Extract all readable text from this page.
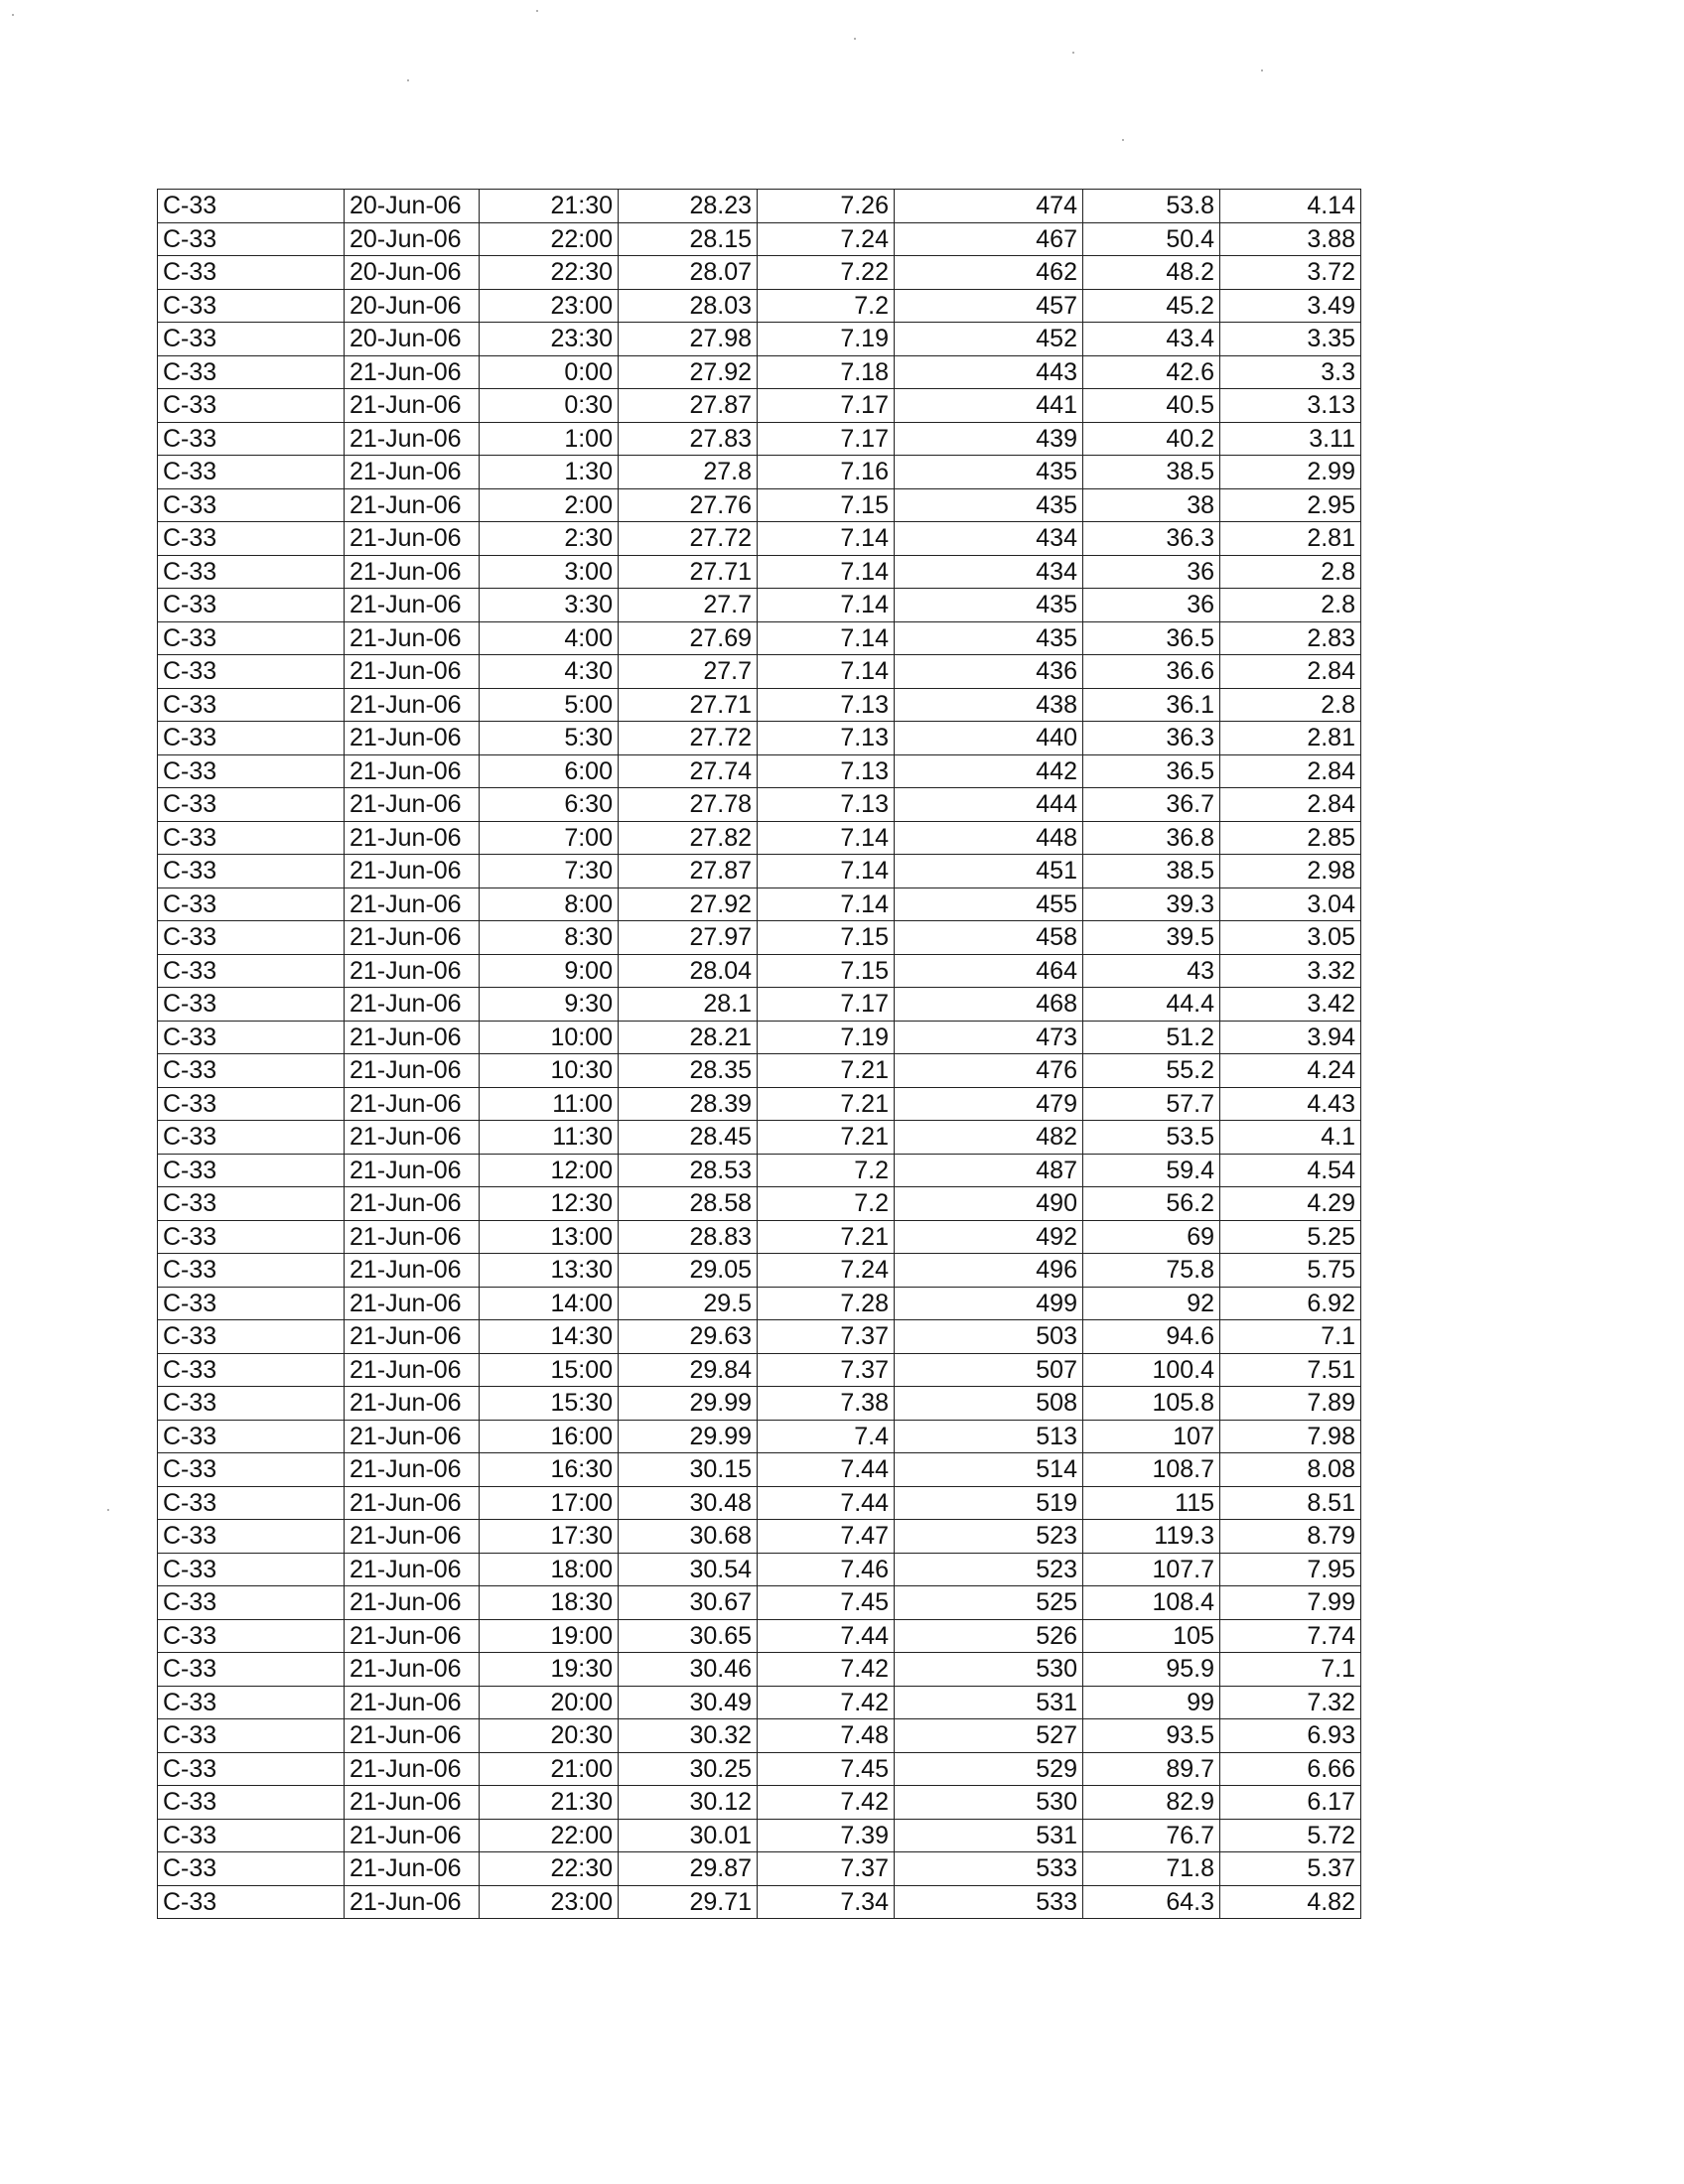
C-33	20-Jun-06	21:30	28.23	7.26	474	53.8	4.14
C-33	20-Jun-06	22:00	28.15	7.24	467	50.4	3.88
C-33	20-Jun-06	22:30	28.07	7.22	462	48.2	3.72
C-33	20-Jun-06	23:00	28.03	7.2	457	45.2	3.49
C-33	20-Jun-06	23:30	27.98	7.19	452	43.4	3.35
C-33	21-Jun-06	0:00	27.92	7.18	443	42.6	3.3
C-33	21-Jun-06	0:30	27.87	7.17	441	40.5	3.13
C-33	21-Jun-06	1:00	27.83	7.17	439	40.2	3.11
C-33	21-Jun-06	1:30	27.8	7.16	435	38.5	2.99
C-33	21-Jun-06	2:00	27.76	7.15	435	38	2.95
C-33	21-Jun-06	2:30	27.72	7.14	434	36.3	2.81
C-33	21-Jun-06	3:00	27.71	7.14	434	36	2.8
C-33	21-Jun-06	3:30	27.7	7.14	435	36	2.8
C-33	21-Jun-06	4:00	27.69	7.14	435	36.5	2.83
C-33	21-Jun-06	4:30	27.7	7.14	436	36.6	2.84
C-33	21-Jun-06	5:00	27.71	7.13	438	36.1	2.8
C-33	21-Jun-06	5:30	27.72	7.13	440	36.3	2.81
C-33	21-Jun-06	6:00	27.74	7.13	442	36.5	2.84
C-33	21-Jun-06	6:30	27.78	7.13	444	36.7	2.84
C-33	21-Jun-06	7:00	27.82	7.14	448	36.8	2.85
C-33	21-Jun-06	7:30	27.87	7.14	451	38.5	2.98
C-33	21-Jun-06	8:00	27.92	7.14	455	39.3	3.04
C-33	21-Jun-06	8:30	27.97	7.15	458	39.5	3.05
C-33	21-Jun-06	9:00	28.04	7.15	464	43	3.32
C-33	21-Jun-06	9:30	28.1	7.17	468	44.4	3.42
C-33	21-Jun-06	10:00	28.21	7.19	473	51.2	3.94
C-33	21-Jun-06	10:30	28.35	7.21	476	55.2	4.24
C-33	21-Jun-06	11:00	28.39	7.21	479	57.7	4.43
C-33	21-Jun-06	11:30	28.45	7.21	482	53.5	4.1
C-33	21-Jun-06	12:00	28.53	7.2	487	59.4	4.54
C-33	21-Jun-06	12:30	28.58	7.2	490	56.2	4.29
C-33	21-Jun-06	13:00	28.83	7.21	492	69	5.25
C-33	21-Jun-06	13:30	29.05	7.24	496	75.8	5.75
C-33	21-Jun-06	14:00	29.5	7.28	499	92	6.92
C-33	21-Jun-06	14:30	29.63	7.37	503	94.6	7.1
C-33	21-Jun-06	15:00	29.84	7.37	507	100.4	7.51
C-33	21-Jun-06	15:30	29.99	7.38	508	105.8	7.89
C-33	21-Jun-06	16:00	29.99	7.4	513	107	7.98
C-33	21-Jun-06	16:30	30.15	7.44	514	108.7	8.08
C-33	21-Jun-06	17:00	30.48	7.44	519	115	8.51
C-33	21-Jun-06	17:30	30.68	7.47	523	119.3	8.79
C-33	21-Jun-06	18:00	30.54	7.46	523	107.7	7.95
C-33	21-Jun-06	18:30	30.67	7.45	525	108.4	7.99
C-33	21-Jun-06	19:00	30.65	7.44	526	105	7.74
C-33	21-Jun-06	19:30	30.46	7.42	530	95.9	7.1
C-33	21-Jun-06	20:00	30.49	7.42	531	99	7.32
C-33	21-Jun-06	20:30	30.32	7.48	527	93.5	6.93
C-33	21-Jun-06	21:00	30.25	7.45	529	89.7	6.66
C-33	21-Jun-06	21:30	30.12	7.42	530	82.9	6.17
C-33	21-Jun-06	22:00	30.01	7.39	531	76.7	5.72
C-33	21-Jun-06	22:30	29.87	7.37	533	71.8	5.37
C-33	21-Jun-06	23:00	29.71	7.34	533	64.3	4.82
